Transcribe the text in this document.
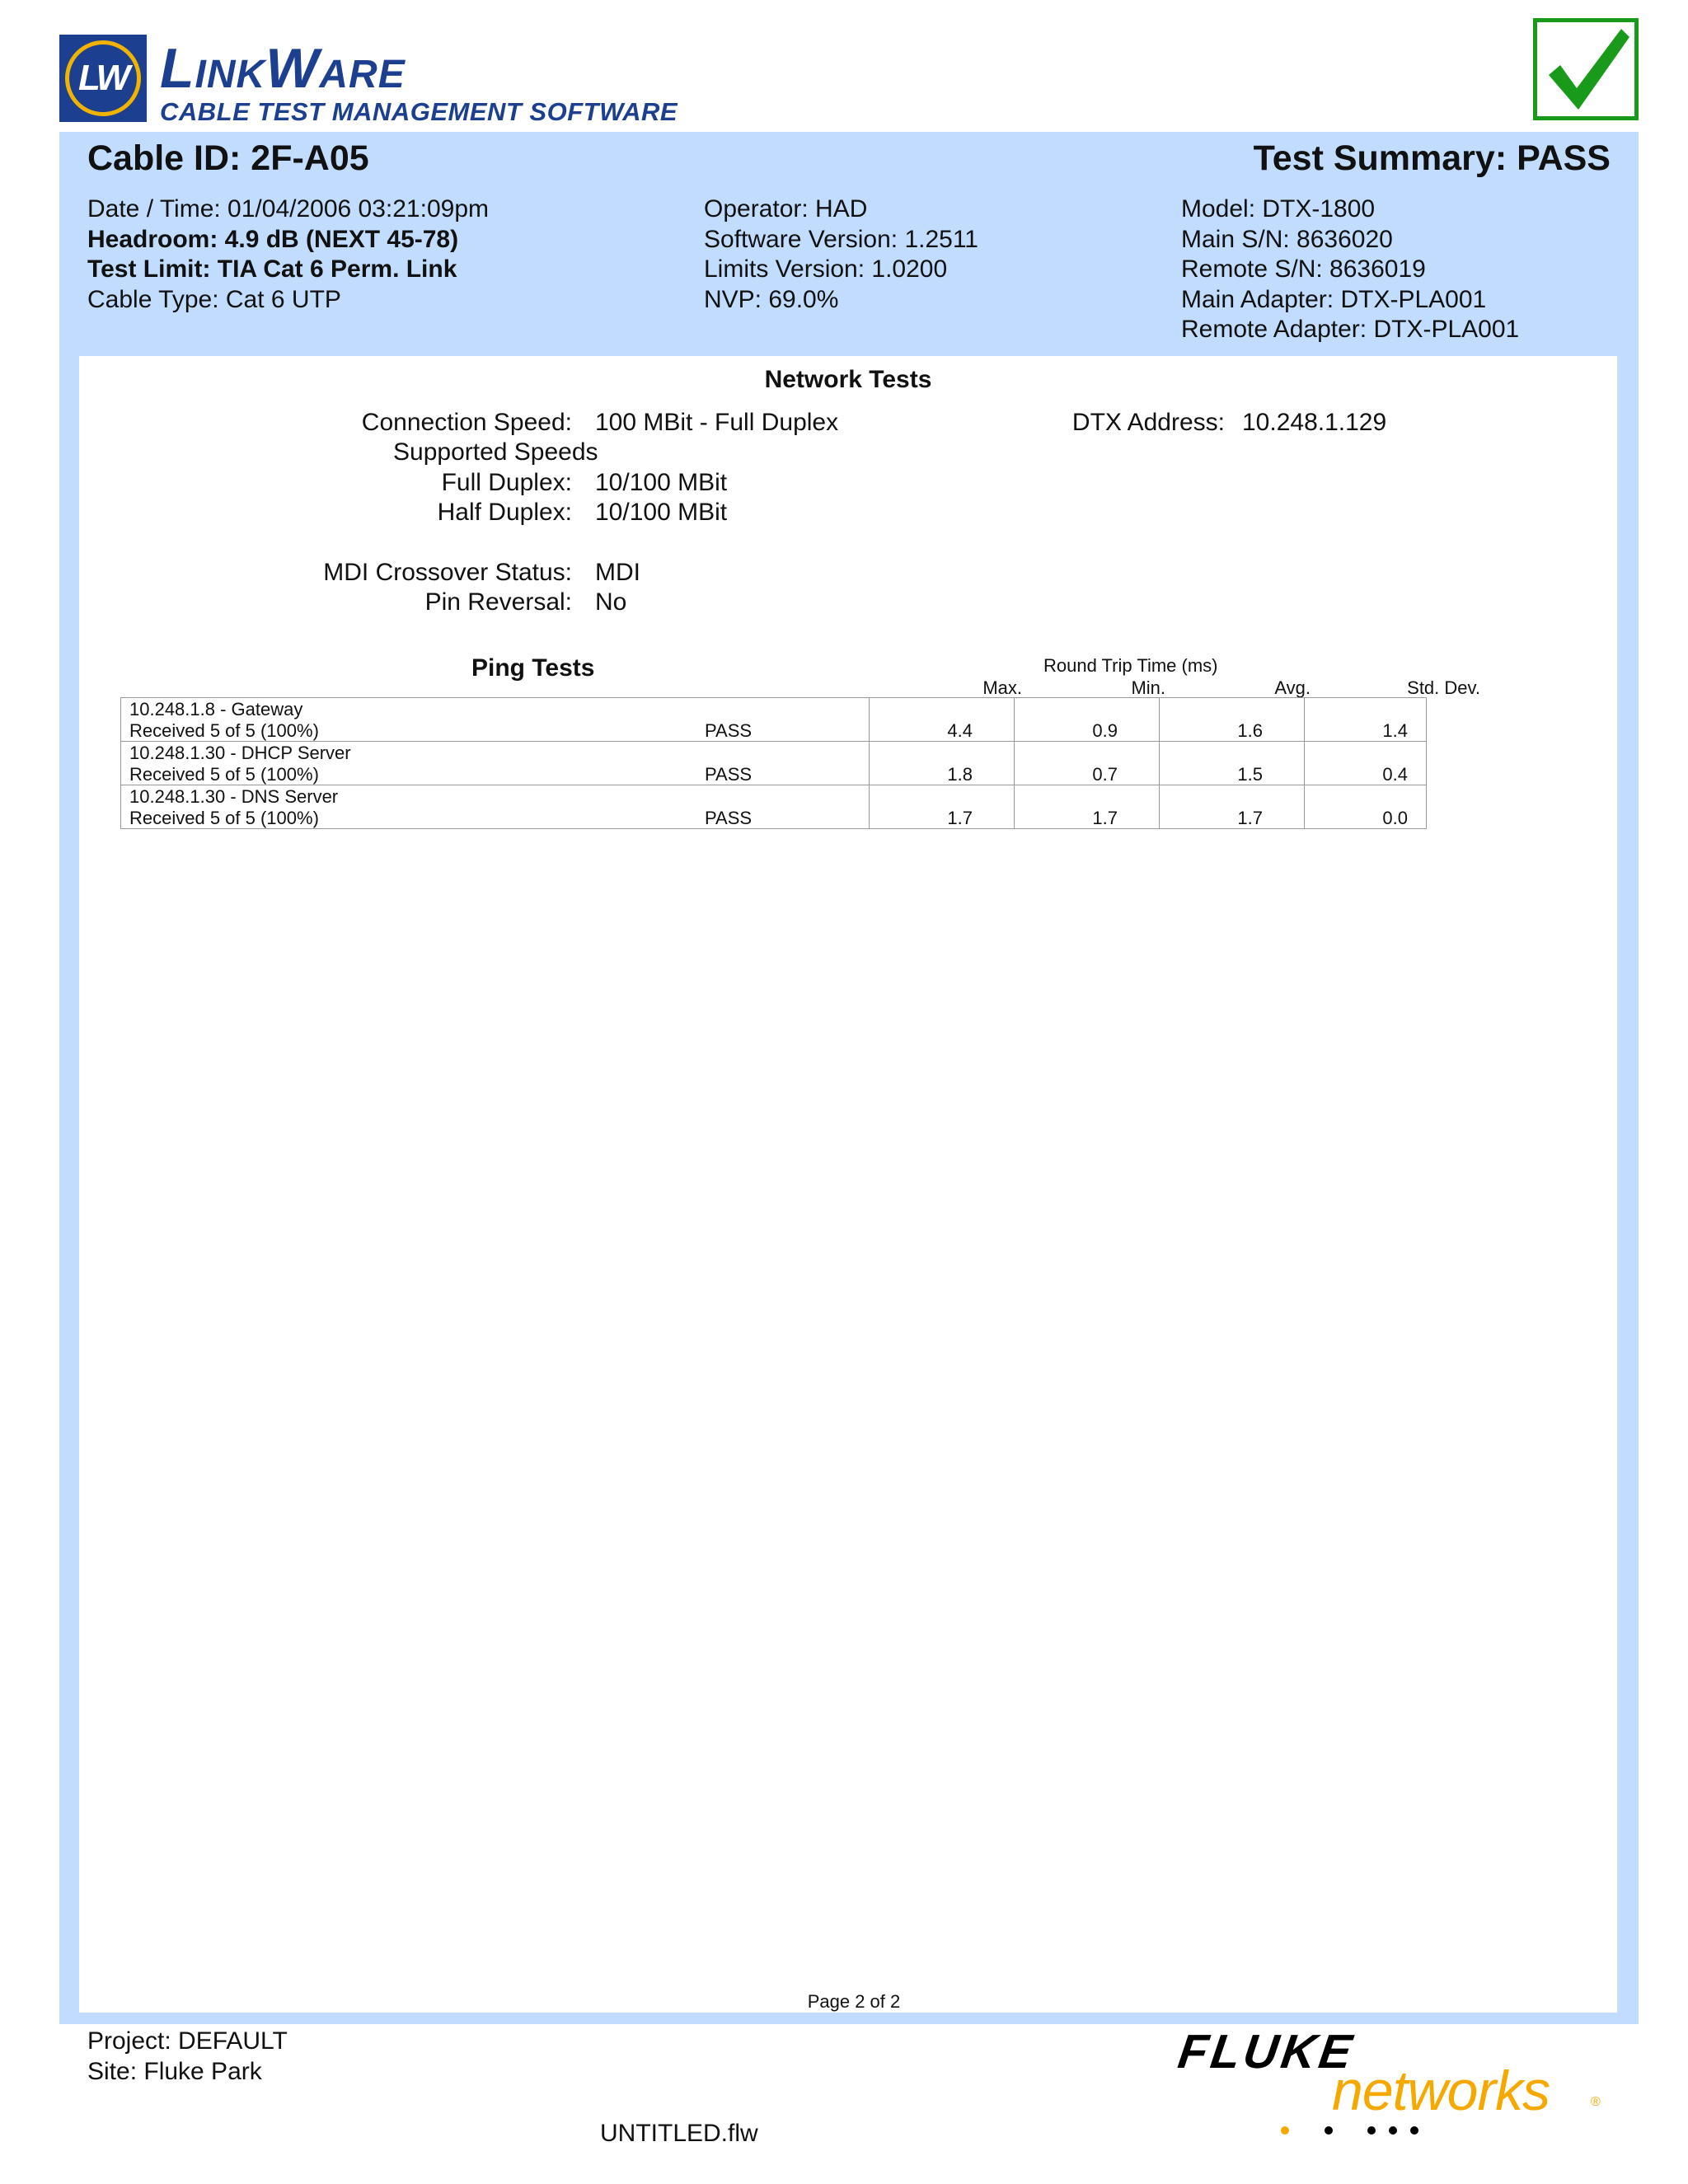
LW LinkWare
CABLE TEST MANAGEMENT SOFTWARE
Cable ID: 2F-A05	Test Summary: PASS
Date / Time: 01/04/2006 03:21:09pm
Headroom: 4.9 dB (NEXT 45-78)
Test Limit: TIA Cat 6 Perm. Link
Cable Type: Cat 6 UTP
Operator: HAD
Software Version: 1.2511
Limits Version: 1.0200
NVP: 69.0%
Model: DTX-1800
Main S/N: 8636020
Remote S/N: 8636019
Main Adapter: DTX-PLA001
Remote Adapter: DTX-PLA001
Network Tests
Connection Speed: 100 MBit - Full Duplex	DTX Address: 10.248.1.129
Supported Speeds
Full Duplex: 10/100 MBit
Half Duplex: 10/100 MBit
MDI Crossover Status: MDI
Pin Reversal: No
Ping Tests	Round Trip Time (ms)
Max.	Min.	Avg.	Std. Dev.
10.248.1.8 - Gateway
Received 5 of 5 (100%) PASS	4.4	0.9	1.6	1.4

10.248.1.30 - DHCP Server
Received 5 of 5 (100%) PASS	1.8	0.7	1.5	0.4

10.248.1.30 - DNS Server
Received 5 of 5 (100%) PASS	1.7	1.7	1.7	0.0
Page 2 of 2
Project: DEFAULT
Site: Fluke Park
UNTITLED.flw
FLUKE
networks	®
